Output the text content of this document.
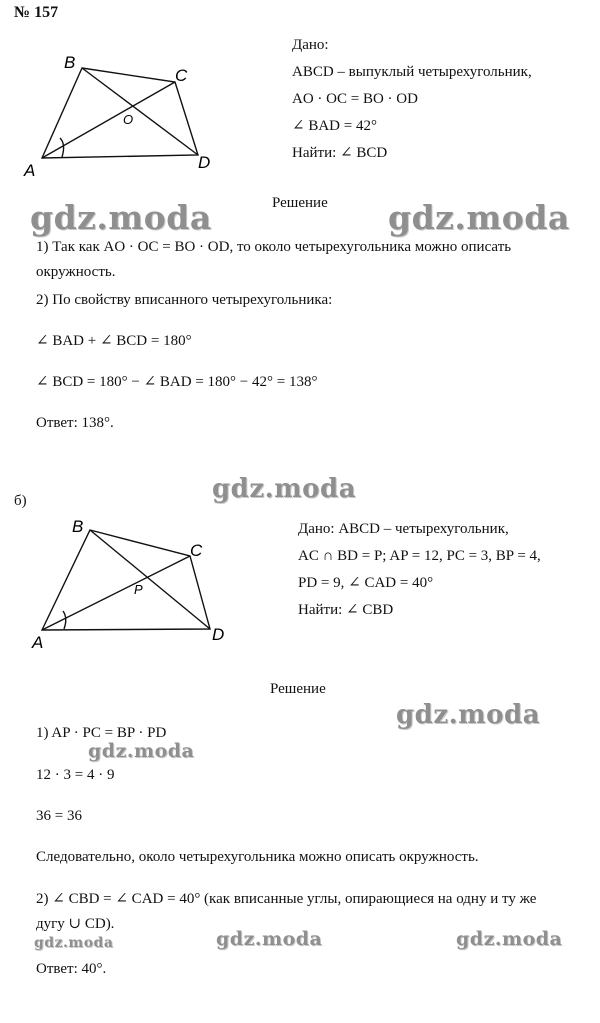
№ 157
B
C
O
A	D
Дано:
ABCD – выпуклый четырехугольник,
AO · OC = BO · OD
∠ BAD = 42°
Найти: ∠ BCD
Решение
1) Так как AO · OC = BO · OD, то около четырехугольника можно описать
окружность.
2) По свойству вписанного четырехугольника:
∠ BAD + ∠ BCD = 180°
∠ BCD = 180° − ∠ BAD = 180° − 42° = 138°
Ответ: 138°.
б)
B
C
P
A	D
Дано: ABCD – четырехугольник,
AC ∩ BD = P; AP = 12, PC = 3, BP = 4,
PD = 9, ∠ CAD = 40°
Найти: ∠ CBD
Решение
1) AP · PC = BP · PD
12 · 3 = 4 · 9
36 = 36
Следовательно, около четырехугольника можно описать окружность.
2) ∠ CBD = ∠ CAD = 40° (как вписанные углы, опирающиеся на одну и ту же
дугу ∪ CD).
Ответ: 40°.
gdz.moda	gdz.moda
gdz.moda
gdz.moda
gdz.moda
gdz.moda	gdz.moda	gdz.moda
